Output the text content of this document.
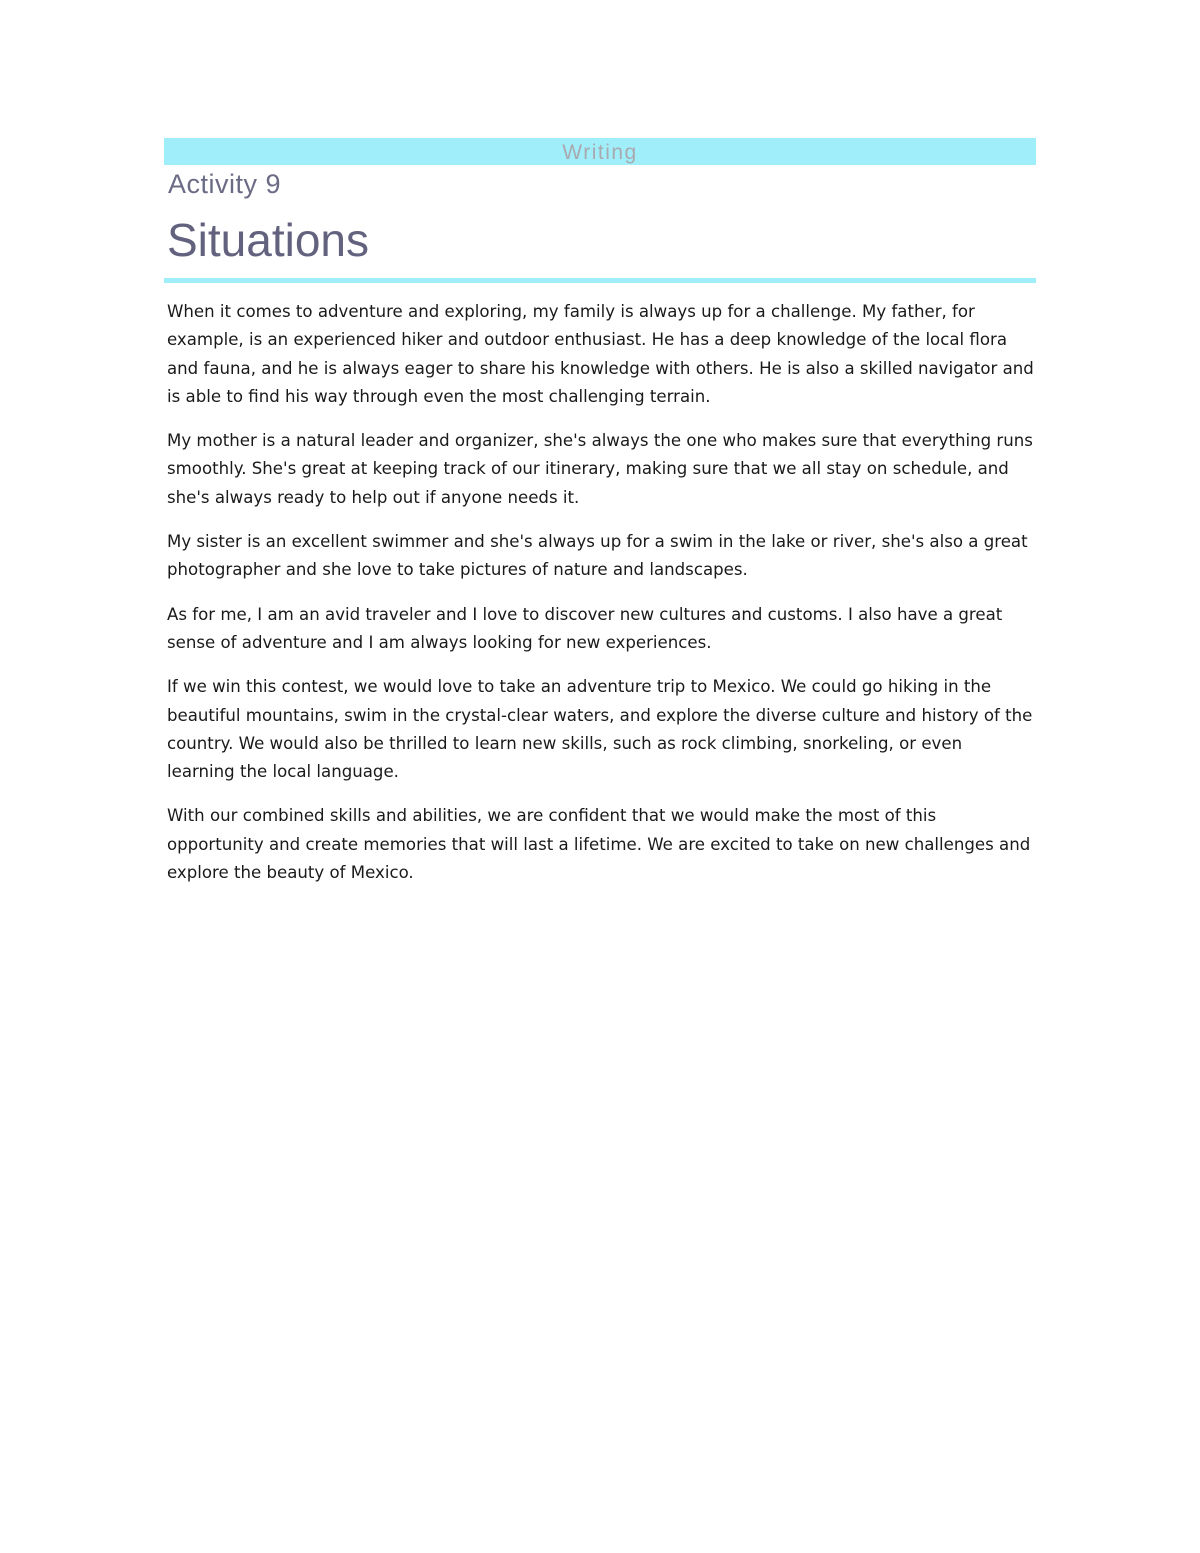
Writing
Activity 9
Situations

When it comes to adventure and exploring, my family is always up for a challenge. My father, for example, is an experienced hiker and outdoor enthusiast. He has a deep knowledge of the local flora and fauna, and he is always eager to share his knowledge with others. He is also a skilled navigator and is able to find his way through even the most challenging terrain.

My mother is a natural leader and organizer, she's always the one who makes sure that everything runs smoothly. She's great at keeping track of our itinerary, making sure that we all stay on schedule, and she's always ready to help out if anyone needs it.

My sister is an excellent swimmer and she's always up for a swim in the lake or river, she's also a great photographer and she love to take pictures of nature and landscapes.

As for me, I am an avid traveler and I love to discover new cultures and customs. I also have a great sense of adventure and I am always looking for new experiences.

If we win this contest, we would love to take an adventure trip to Mexico. We could go hiking in the beautiful mountains, swim in the crystal-clear waters, and explore the diverse culture and history of the country. We would also be thrilled to learn new skills, such as rock climbing, snorkeling, or even learning the local language.

With our combined skills and abilities, we are confident that we would make the most of this opportunity and create memories that will last a lifetime. We are excited to take on new challenges and explore the beauty of Mexico.
